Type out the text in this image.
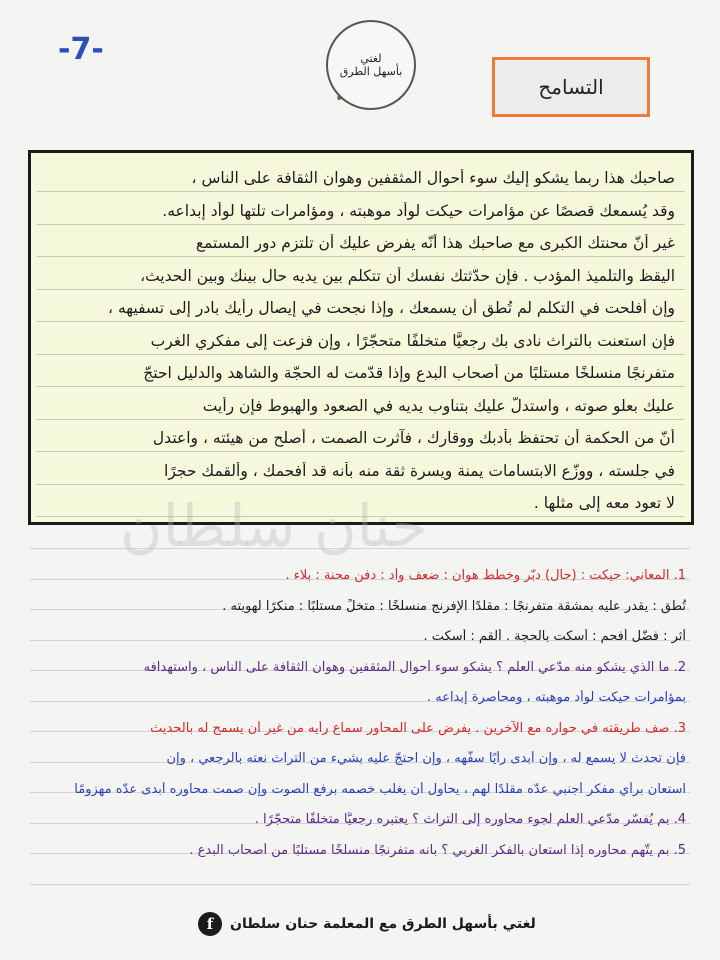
-7-	لغتي
بأسهل الطرق
التسامح
صاحبك هذا ربما يشكو إليك سوء أحوال المثقفين وهوان الثقافة على الناس ،
وقد يُسمعك قصصًا عن مؤامرات حيكت لوأد موهبته ، ومؤامرات تلتها لوأد إبداعه.
غير أنّ محنتك الكبرى مع صاحبك هذا أنّه يفرض عليك أن تلتزم دور المستمع
اليقظ والتلميذ المؤدب . فإن حدّثتك نفسك أن تتكلم بين يديه حال بينك وبين الحديث،
وإن أفلحت في التكلم لم تُطق أن يسمعك ، وإذا نجحت في إيصال رأيك بادر إلى تسفيهه ،
فإن استعنت بالتراث نادى بك رجعيًّا متخلفًا متحجّرًا ، وإن فزعت إلى مفكري الغرب
متفرنجًا منسلخًا مستلبًا من أصحاب البدع وإذا قدّمت له الحجّة والشاهد والدليل احتجّ
عليك بعلو صوته ، واستدلّ عليك بتناوب يديه في الصعود والهبوط فإن رأيت
أنّ من الحكمة أن تحتفظ بأدبك ووقارك ، فآثرت الصمت ، أصلح من هيئته ، واعتدل
في جلسته ، ووزّع الابتسامات يمنة ويسرة ثقة منه بأنه قد أفحمك ، وألقمك حجرًا
لا تعود معه إلى مثلها .
حنان سلطان
1. المعاني: حيكت : (حال) دبّر وخطّط هوان : ضعف وأد : دفن محنة : بلاء .
تُطق : يقدر عليه بمشقة متفرنجًا : مقلدًا الإفرنج منسلخًا : متخلٍّ مستلبًا : منكرًا لهويته .
أثر : فضّل أفحم : أسكت بالحجة . ألقم : أسكت .
2. ما الذي يشكو منه مدّعي العلم ؟ يشكو سوء أحوال المثقفين وهوان الثقافة على الناس ، واستهدافه
بمؤامرات حيكت لوأد موهبته ، ومحاصرة إبداعه .
3. صف طريقته في حواره مع الآخرين . يفرض على المحاور سماع رأيه من غير أن يسمح له بالحديث
فإن تحدث لا يسمع له ، وإن أبدى رأيًا سفّهه ، وإن احتجّ عليه بشيء من التراث نعته بالرجعي ، وإن
استعان برأي مفكر أجنبي عدّه مقلدًا لهم ، يحاول أن يغلب خصمه برفع الصوت وإن صمت محاوره أبدى عدّه مهزومًا
4. بم يُفسّر مدّعي العلم لجوء محاوره إلى التراث ؟ يعتبره رجعيًّا متخلفًا متحجّرًا .
5. بم يتّهم محاوره إذا استعان بالفكر الغربي ؟ بأنه متفرنجًا منسلخًا مستلبًا من أصحاب البدع .
لغتي بأسهل الطرق مع المعلمة حنان سلطان
f
